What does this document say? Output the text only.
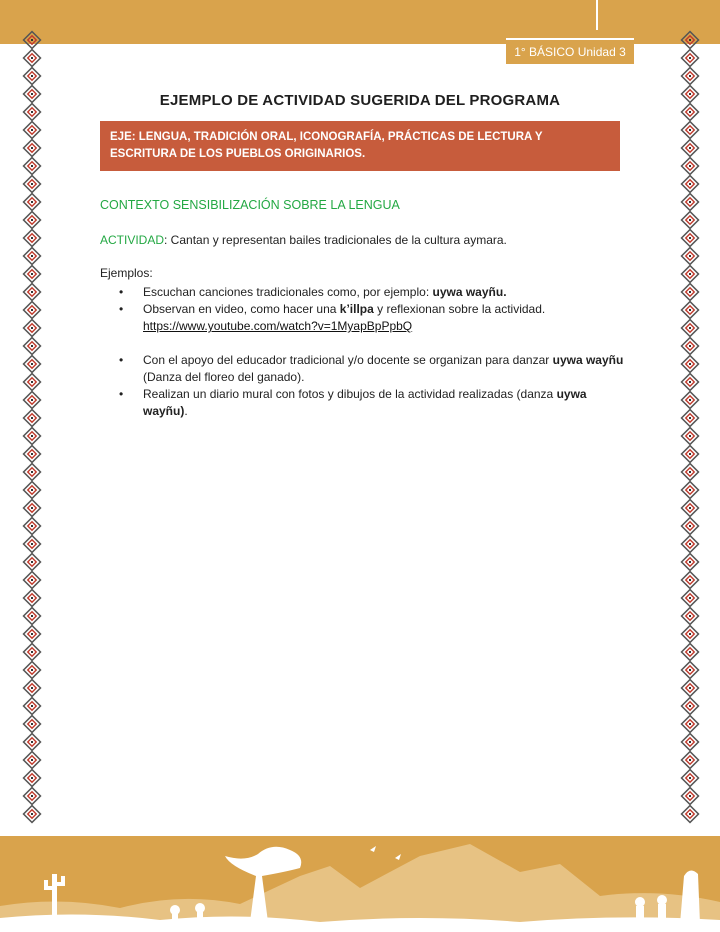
1° BÁSICO Unidad 3
EJEMPLO DE ACTIVIDAD SUGERIDA DEL PROGRAMA
EJE: LENGUA, TRADICIÓN ORAL, ICONOGRAFÍA, PRÁCTICAS DE LECTURA Y ESCRITURA DE LOS PUEBLOS ORIGINARIOS.
CONTEXTO SENSIBILIZACIÓN SOBRE LA LENGUA
ACTIVIDAD: Cantan y representan bailes tradicionales de la cultura aymara.
Ejemplos:

• Escuchan canciones tradicionales como, por ejemplo: uywa wayñu.

• Observan en video, como hacer una k’illpa y reflexionan sobre la actividad.
https://www.youtube.com/watch?v=1MyapBpPpbQ

• Con el apoyo del educador tradicional y/o docente se organizan para danzar uywa wayñu (Danza del floreo del ganado).

• Realizan un diario mural con fotos y dibujos de la actividad realizadas (danza uywa wayñu).
